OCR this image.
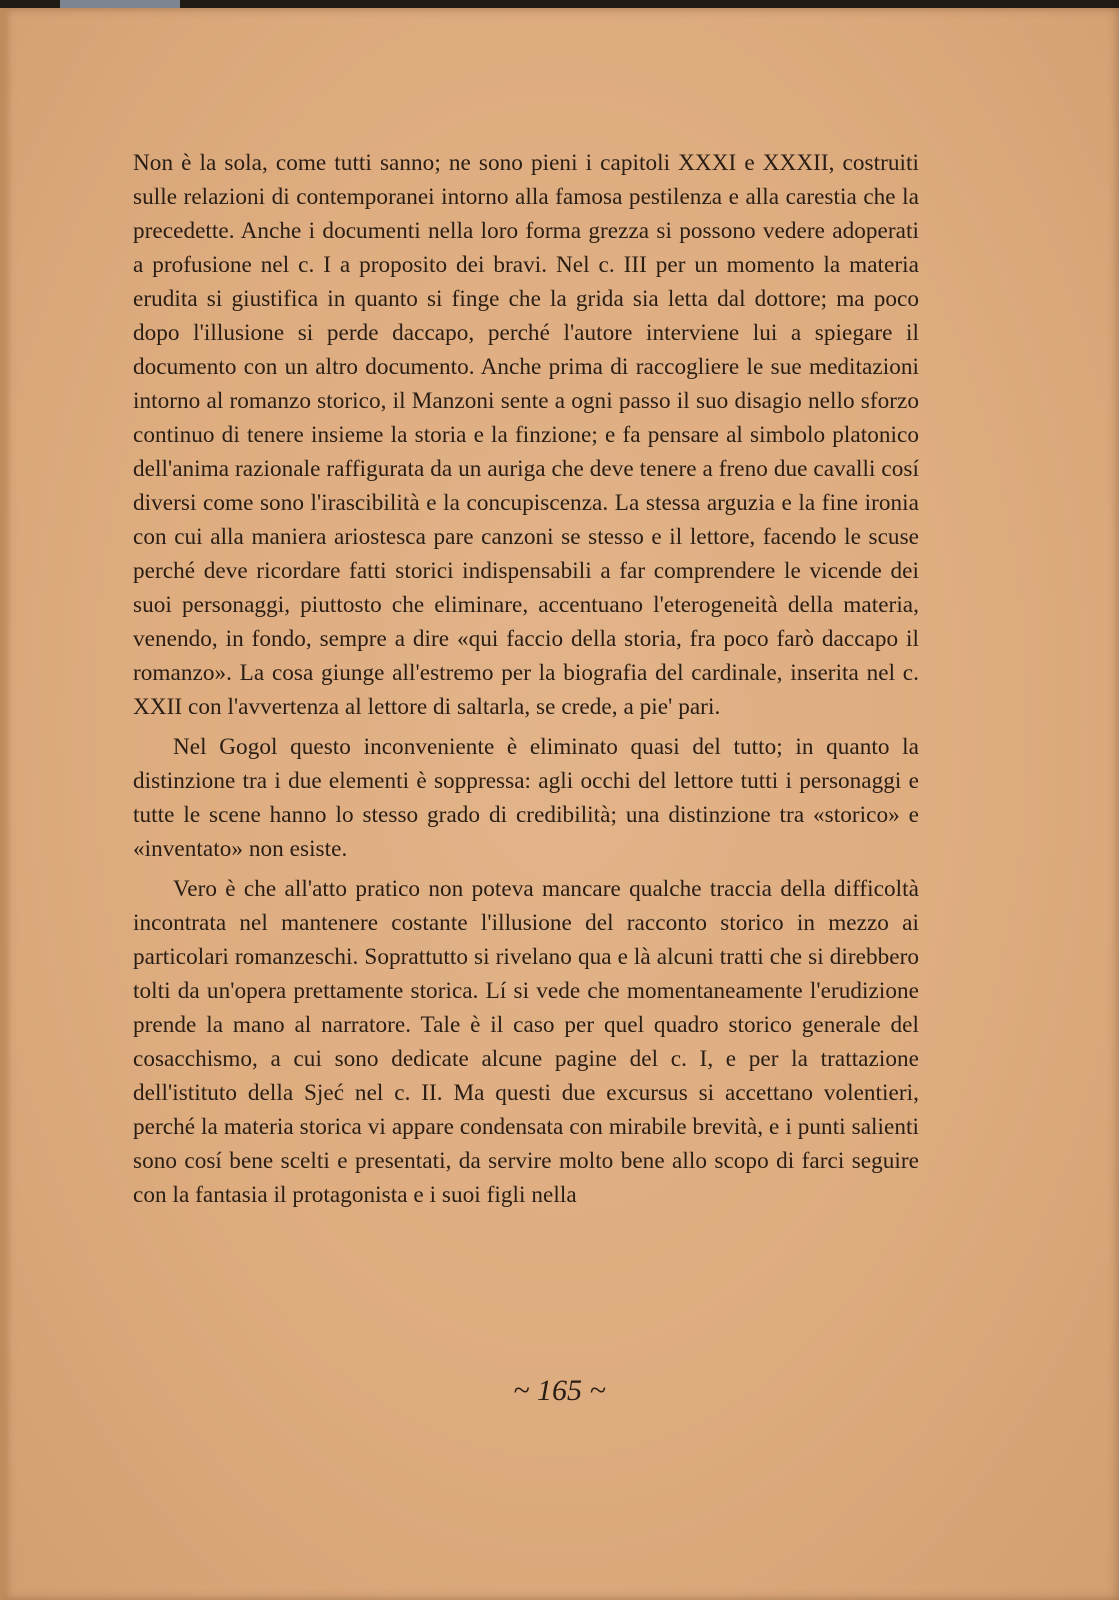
Non è la sola, come tutti sanno; ne sono pieni i capitoli XXXI e XXXII, costruiti sulle relazioni di contemporanei intorno alla famosa pestilenza e alla carestia che la precedette. Anche i documenti nella loro forma grezza si possono vedere adoperati a profusione nel c. I a proposito dei bravi. Nel c. III per un momento la materia erudita si giustifica in quanto si finge che la grida sia letta dal dottore; ma poco dopo l'illusione si perde daccapo, perché l'autore interviene lui a spiegare il documento con un altro documento. Anche prima di raccogliere le sue meditazioni intorno al romanzo storico, il Manzoni sente a ogni passo il suo disagio nello sforzo continuo di tenere insieme la storia e la finzione; e fa pensare al simbolo platonico dell'anima razionale raffigurata da un auriga che deve tenere a freno due cavalli cosí diversi come sono l'irascibilità e la concupiscenza. La stessa arguzia e la fine ironia con cui alla maniera ariostesca pare canzoni se stesso e il lettore, facendo le scuse perché deve ricordare fatti storici indispensabili a far comprendere le vicende dei suoi personaggi, piuttosto che eliminare, accentuano l'eterogeneità della materia, venendo, in fondo, sempre a dire «qui faccio della storia, fra poco farò daccapo il romanzo». La cosa giunge all'estremo per la biografia del cardinale, inserita nel c. XXII con l'avvertenza al lettore di saltarla, se crede, a pie' pari.

Nel Gogol questo inconveniente è eliminato quasi del tutto; in quanto la distinzione tra i due elementi è soppressa: agli occhi del lettore tutti i personaggi e tutte le scene hanno lo stesso grado di credibilità; una distinzione tra «storico» e «inventato» non esiste.

Vero è che all'atto pratico non poteva mancare qualche traccia della difficoltà incontrata nel mantenere costante l'illusione del racconto storico in mezzo ai particolari romanzeschi. Soprattutto si rivelano qua e là alcuni tratti che si direbbero tolti da un'opera prettamente storica. Lí si vede che momentaneamente l'erudizione prende la mano al narratore. Tale è il caso per quel quadro storico generale del cosacchismo, a cui sono dedicate alcune pagine del c. I, e per la trattazione dell'istituto della Sjeć nel c. II. Ma questi due excursus si accettano volentieri, perché la materia storica vi appare condensata con mirabile brevità, e i punti salienti sono cosí bene scelti e presentati, da servire molto bene allo scopo di farci seguire con la fantasia il protagonista e i suoi figli nella

~ 165 ~
